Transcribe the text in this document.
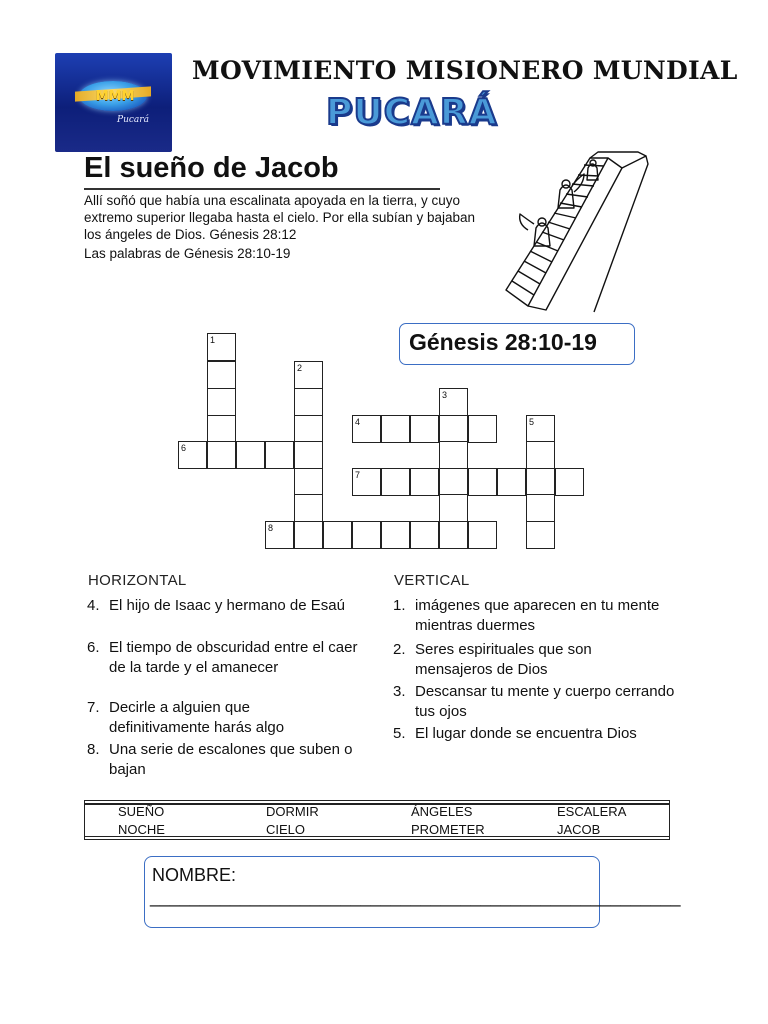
MMM
Pucará
MOVIMIENTO MISIONERO MUNDIAL
PUCARÁ
El sueño de Jacob
Allí soñó que había una escalinata apoyada en la tierra, y cuyo extremo superior llegaba hasta el cielo. Por ella subían y bajaban los ángeles de Dios. Génesis 28:12
Las palabras de Génesis 28:10-19
Génesis 28:10-19
1
2
3
4	5
6
7
8
HORIZONTAL	VERTICAL
4. El hijo de Isaac y hermano de Esaú
6. El tiempo de obscuridad entre el caer de la tarde y el amanecer
7. Decirle a alguien que definitivamente harás algo
8. Una serie de escalones que suben o bajan
1. imágenes que aparecen en tu mente mientras duermes
2. Seres espirituales que son mensajeros de Dios
3. Descansar tu mente y cuerpo cerrando tus ojos
5. El lugar donde se encuentra Dios
SUEÑO	DORMIR	ÁNGELES	ESCALERA
NOCHE	CIELO	PROMETER	JACOB
NOMBRE:
_____________________________________________________
